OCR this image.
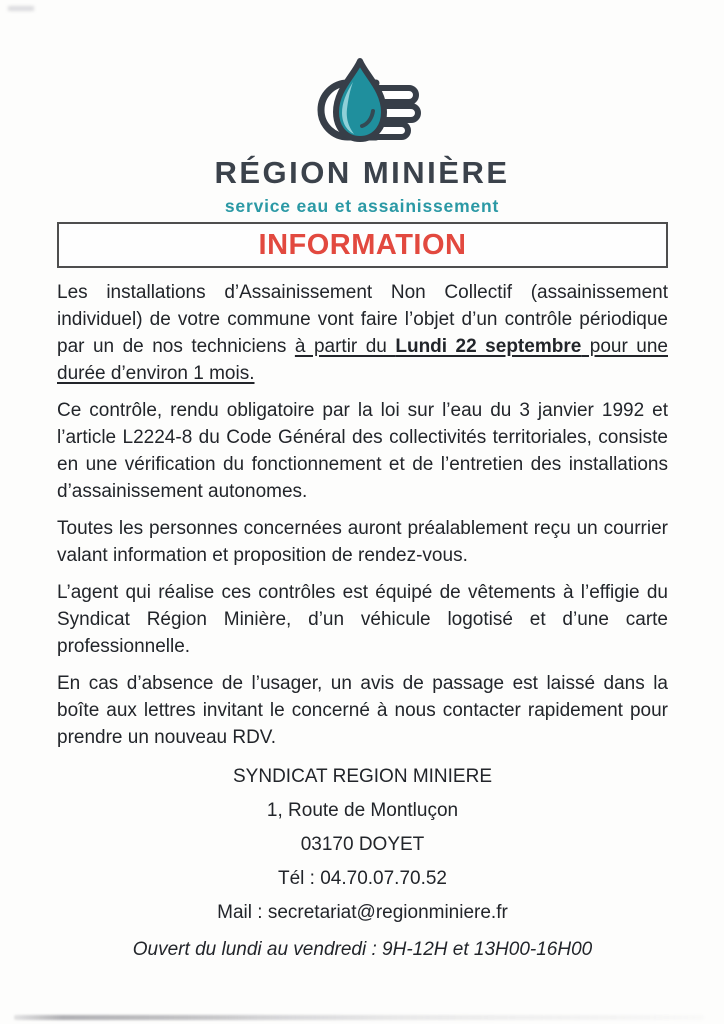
RÉGION MINIÈRE
service eau et assainissement
INFORMATION

Les installations d’Assainissement Non Collectif (assainissement individuel) de votre commune vont faire l’objet d’un contrôle périodique par un de nos techniciens à partir du Lundi 22 septembre pour une durée d’environ 1 mois.

Ce contrôle, rendu obligatoire par la loi sur l’eau du 3 janvier 1992 et l’article L2224-8 du Code Général des collectivités territoriales, consiste en une vérification du fonctionnement et de l’entretien des installations d’assainissement autonomes.

Toutes les personnes concernées auront préalablement reçu un courrier valant information et proposition de rendez-vous.

L’agent qui réalise ces contrôles est équipé de vêtements à l’effigie du Syndicat Région Minière, d’un véhicule logotisé et d’une carte professionnelle.

En cas d’absence de l’usager, un avis de passage est laissé dans la boîte aux lettres invitant le concerné à nous contacter rapidement pour prendre un nouveau RDV.

SYNDICAT REGION MINIERE
1, Route de Montluçon
03170 DOYET
Tél : 04.70.07.70.52
Mail : secretariat@regionminiere.fr
Ouvert du lundi au vendredi : 9H-12H et 13H00-16H00
